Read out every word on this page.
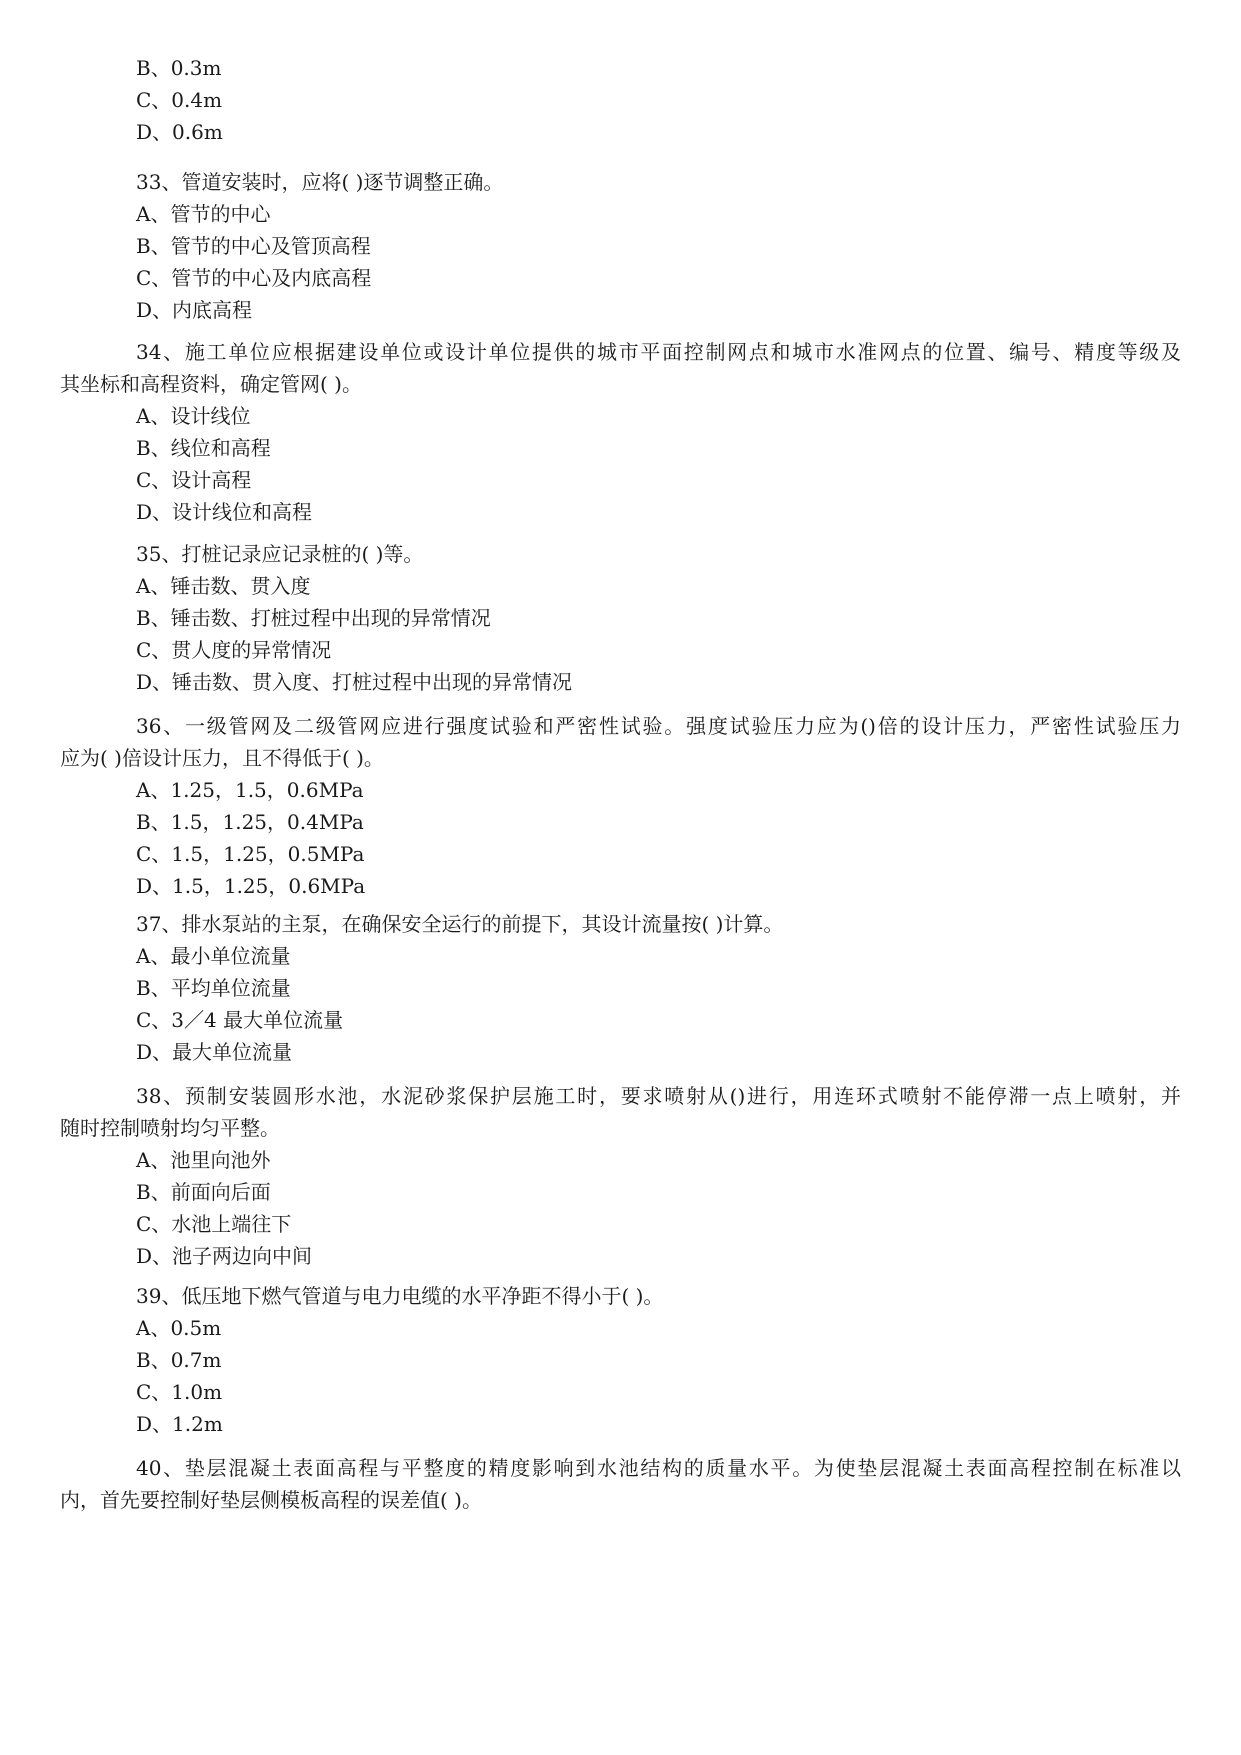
B、0.3m
C、0.4m
D、0.6m
33、管道安装时，应将( )逐节调整正确。
A、管节的中心
B、管节的中心及管顶高程
C、管节的中心及内底高程
D、内底高程
34、施工单位应根据建设单位或设计单位提供的城市平面控制网点和城市水准网点的位置、编号、精度等级及
其坐标和高程资料，确定管网( )。
A、设计线位
B、线位和高程
C、设计高程
D、设计线位和高程
35、打桩记录应记录桩的( )等。
A、锤击数、贯入度
B、锤击数、打桩过程中出现的异常情况
C、贯人度的异常情况
D、锤击数、贯入度、打桩过程中出现的异常情况
36、一级管网及二级管网应进行强度试验和严密性试验。强度试验压力应为()倍的设计压力，严密性试验压力
应为( )倍设计压力，且不得低于( )。
A、1.25，1.5，0.6MPa
B、1.5，1.25，0.4MPa
C、1.5，1.25，0.5MPa
D、1.5，1.25，0.6MPa
37、排水泵站的主泵，在确保安全运行的前提下，其设计流量按( )计算。
A、最小单位流量
B、平均单位流量
C、3／4 最大单位流量
D、最大单位流量
38、预制安装圆形水池，水泥砂浆保护层施工时，要求喷射从()进行，用连环式喷射不能停滞一点上喷射，并
随时控制喷射均匀平整。
A、池里向池外
B、前面向后面
C、水池上端往下
D、池子两边向中间
39、低压地下燃气管道与电力电缆的水平净距不得小于( )。
A、0.5m
B、0.7m
C、1.0m
D、1.2m
40、垫层混凝土表面高程与平整度的精度影响到水池结构的质量水平。为使垫层混凝土表面高程控制在标准以
内，首先要控制好垫层侧模板高程的误差值( )。
